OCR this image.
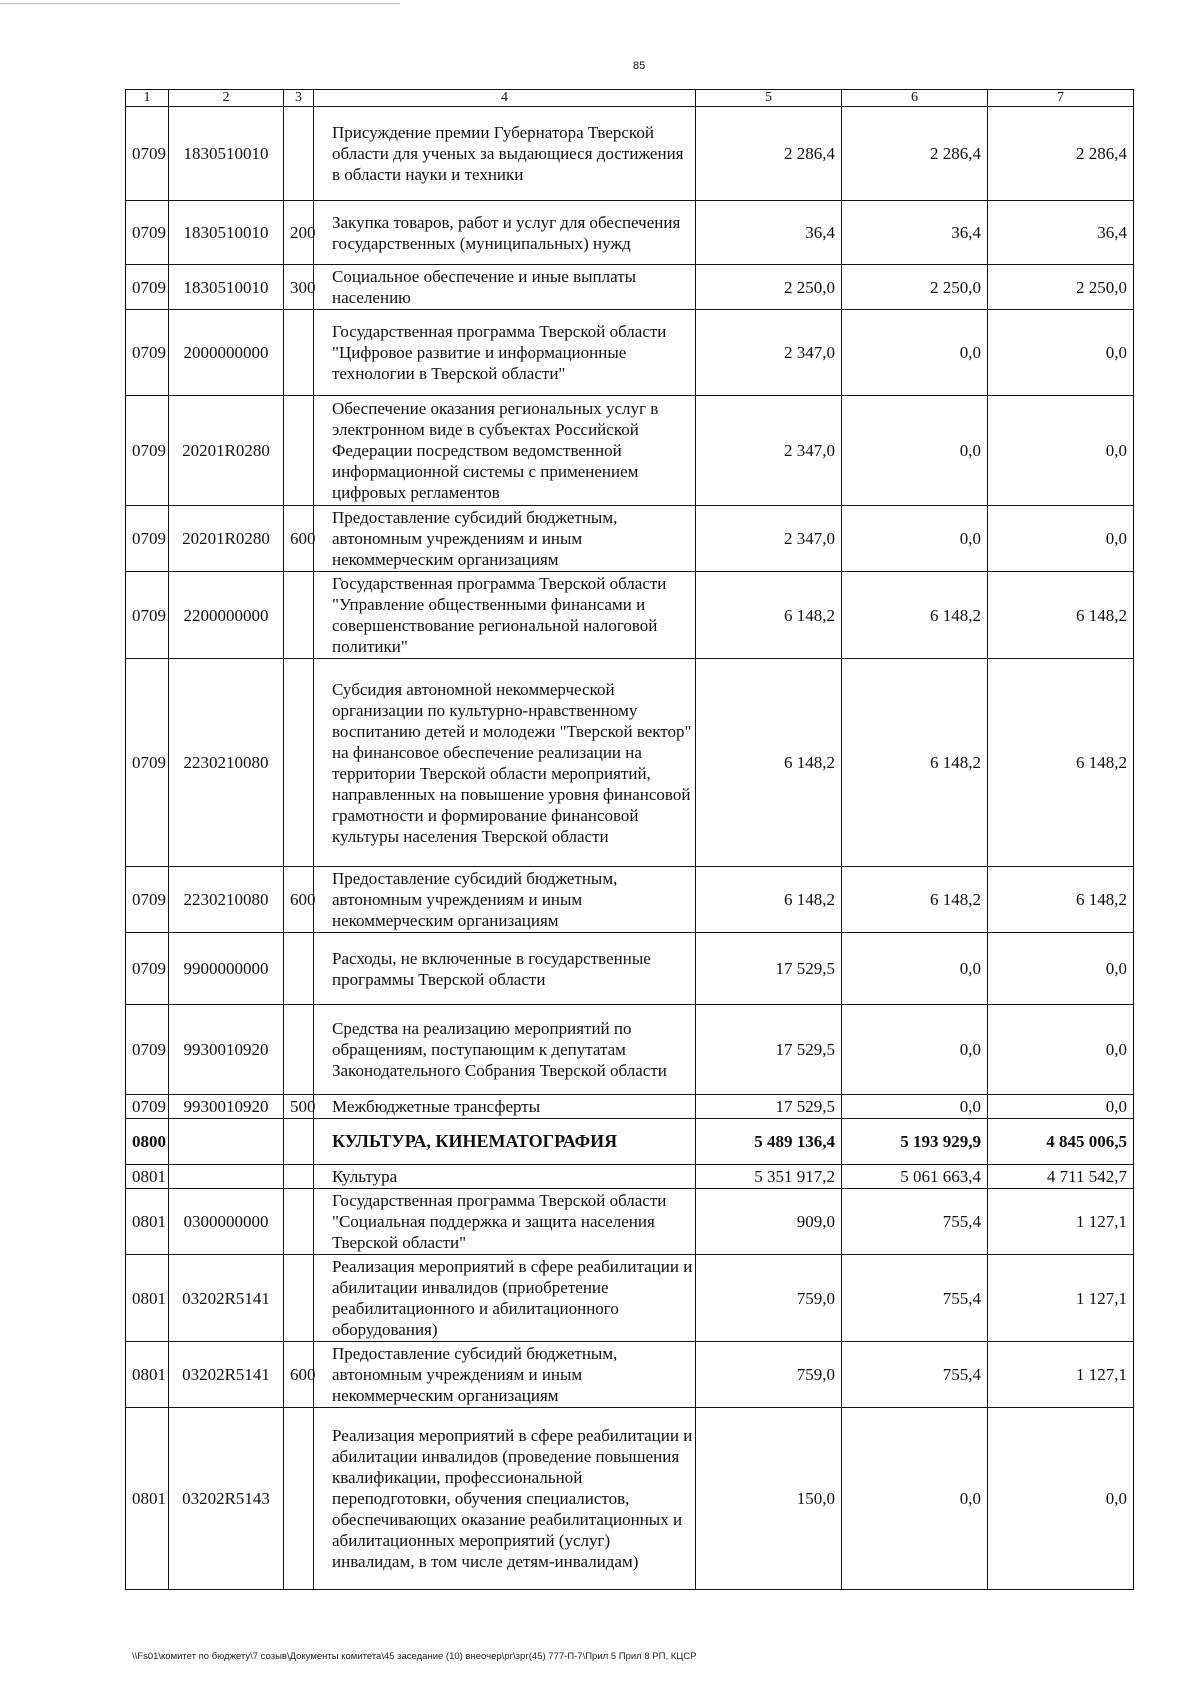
85
1	2	3	4	5	6	7
0709	1830510010		Присуждение премии Губернатора Тверской области для ученых за выдающиеся достижения в области науки и техники	2 286,4	2 286,4	2 286,4
0709	1830510010	200	Закупка товаров, работ и услуг для обеспечения государственных (муниципальных) нужд	36,4	36,4	36,4
0709	1830510010	300	Социальное обеспечение и иные выплаты населению	2 250,0	2 250,0	2 250,0
0709	2000000000		Государственная программа Тверской области "Цифровое развитие и информационные технологии в Тверской области"	2 347,0	0,0	0,0
0709	20201R0280		Обеспечение оказания региональных услуг в электронном виде в субъектах Российской Федерации посредством ведомственной информационной системы с применением цифровых регламентов	2 347,0	0,0	0,0
0709	20201R0280	600	Предоставление субсидий бюджетным, автономным учреждениям и иным некоммерческим организациям	2 347,0	0,0	0,0
0709	2200000000		Государственная программа Тверской области "Управление общественными финансами и совершенствование региональной налоговой политики"	6 148,2	6 148,2	6 148,2
0709	2230210080		Субсидия автономной некоммерческой организации по культурно-нравственному воспитанию детей и молодежи "Тверской вектор" на финансовое обеспечение реализации на территории Тверской области мероприятий, направленных на повышение уровня финансовой грамотности и формирование финансовой культуры населения Тверской области	6 148,2	6 148,2	6 148,2
0709	2230210080	600	Предоставление субсидий бюджетным, автономным учреждениям и иным некоммерческим организациям	6 148,2	6 148,2	6 148,2
0709	9900000000		Расходы, не включенные в государственные программы Тверской области	17 529,5	0,0	0,0
0709	9930010920		Средства на реализацию мероприятий по обращениям, поступающим к депутатам Законодательного Собрания Тверской области	17 529,5	0,0	0,0
0709	9930010920	500	Межбюджетные трансферты	17 529,5	0,0	0,0
0800			КУЛЬТУРА, КИНЕМАТОГРАФИЯ	5 489 136,4	5 193 929,9	4 845 006,5
0801			Культура	5 351 917,2	5 061 663,4	4 711 542,7
0801	0300000000		Государственная программа Тверской области "Социальная поддержка и защита населения Тверской области"	909,0	755,4	1 127,1
0801	03202R5141		Реализация мероприятий в сфере реабилитации и абилитации инвалидов (приобретение реабилитационного и абилитационного оборудования)	759,0	755,4	1 127,1
0801	03202R5141	600	Предоставление субсидий бюджетным, автономным учреждениям и иным некоммерческим организациям	759,0	755,4	1 127,1
0801	03202R5143		Реализация мероприятий в сфере реабилитации и абилитации инвалидов (проведение повышения квалификации, профессиональной переподготовки, обучения специалистов, обеспечивающих оказание реабилитационных и абилитационных мероприятий (услуг) инвалидам, в том числе детям-инвалидам)	150,0	0,0	0,0
\\Fs01\комитет по бюджету\7 созыв\Документы комитета\45 заседание (10) внеочер\рг\зрг(45) 777-П-7\Прил 5 Прил 8 РП, КЦСР
